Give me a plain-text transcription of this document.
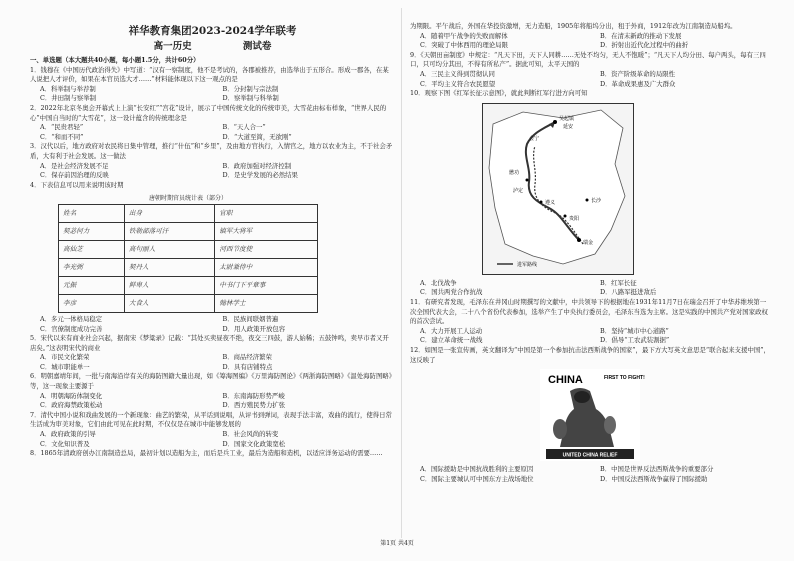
祥华教育集团2023-2024学年联考
高一历史	测试卷
一、单选题（本大题共40小题，每小题1.5分，共计60分）

1．钱穆在《中国历代政治得失》中写道：“汉有一察制度，他不是考试的，各郡被推荐，由选举出于五形合。形成一郡各，在某人说把人才评价，如果在本官员选大才……”材料能体现以下这一观点的是

A．科举制与举荐制	B．分封制与宗法制
C．井田制与察举制	D．察举制与科举制

2．2022年北京冬奥会开幕式上上演“长安红”“宫花”设计，展示了中国传统文化的传统审美，大雪花由标布样象，“世界人民的心”中国自当时的“大雪花”，这一设计蕴含的传统理念是

A．“民贵君轻”	B．“天人合一”
C．“和而不同”	D．“大道至简，无欲刚”

3．汉代以后，地方政府对农民将日集中管理，推行“什伍”和“乡里”，及由地方官执行，入情官之，地方以农业为主，不于社会矛盾，大有利于社会发展。这一做法

A．是社会经济发展不足	B．政府加强对经济控制
C．保存前因治理的反映	D．是史学发展的必然结果

4．下表信息可以用来说明该时期

唐朝时期官员统计表（部分）
姓名	出身	官职
契苾何力	铁勒部落可汗	镇军大将军
高仙芝	高句丽人	河西节度使
李光弼	契丹人	太尉兼侍中
元振	鲜卑人	中书门下平章事
李彦	大食人	翰林学士
A．多元一体格局稳定	B．民族间联姻普遍
C．官僚制度成功完善	D．用人政策开放包容

5．宋代以来有商业社会兴起，据南宋《梦粱录》记载：“其处买卖昼夜不绝，夜交三四鼓，游人始稀；五鼓钟鸣，卖早市者又开店矣。”这表明宋代的商业

A．市民文化繁荣	B．商品经济繁荣
C．城市职能单一	D．具有店铺特点

6．明朝嘉靖年间，一批与南海沿岸有关的海防图籍大量出现，如《筹海图编》《万里海防图论》《两浙海防图略》《温处海防图略》等，这一现象主要源于

A．明朝海防体制变化	B．东南海防形势严峻
C．政府海禁政策松动	D．西方殖民势力扩张

7．清代中国小说和戏曲发展的一个新现象：曲艺的繁荣，从平话到说唱，从评书到弹词，表现手法丰富，戏曲的流行，使得日常生活成为审美对象，它们由此可见在此时期，不仅仅是在城市中能够发展的

A．政府政策的引导	B．社会风尚的转变
C．文化知识普及	D．国家文化政策宽松

8．1865年清政府创办江南制造总局，最初计划以造船为主，而后是兵工业，最后为造船和造机，以适应洋务运动的需要……

为期限。平午战后，外国在华投资激增，无力造船，1905年将船坞分出，租于外商，1912年改为江南制造局船坞。

A．随着甲午战争的失败而解体	B．在清末新政的推动下发展
C．突破了中体西用的理论局限	D．折射出近代化过程中的曲折

9．《天朝田亩制度》中规定：“凡天下田，天下人同耕……无处不均匀，无人不饱暖”；“凡天下人均分田、每户两头，每有三四口，只可均分其田，不得有所私产”。据此可知，太平天国的

A．三民主义得到贯彻认同	B．资产阶级革命的局限性
C．平均主义符合农民愿望	D．革命成果惠及广大群众

10．观察下图《红军长征示意图》，就此判断红军行进方向可知

吴起镇
延安
瑞金
遵义
泸定
懋功
会宁
贵阳
长沙
进军路线
A．北伐战争	B．红军长征
C．国共两党合作抗战	D．八路军挺进敌后

11．有研究者发现，毛泽东在井冈山时期撰写的文献中，中共领导下的根据地在1931年11月7日在瑞金召开了中华苏维埃第一次全国代表大会，二十八个省份代表参加，选举产生了中央执行委员会，毛泽东当选为主席。这是实践的中国共产党对国家政权的首次尝试。

A．大力开展工人运动	B．坚持“城市中心道路”
C．建立革命统一战线	D．倡导“工农武装割据”

12．如图是一张宣传画，英文翻译为“中国是第一个参加抗击法西斯战争的国家”，最下方大写英文意思是“联合起来支援中国”，这反映了

CHINA	FIRST TO FIGHT!
UNITED CHINA RELIEF
A．国际援助是中国抗战胜利的主要原因	B．中国是世界反法西斯战争的重要部分
C．国际主要城认可中国东方主战场地位	D．中国反法西斯战争赢得了国际援助
第1页 共4页
